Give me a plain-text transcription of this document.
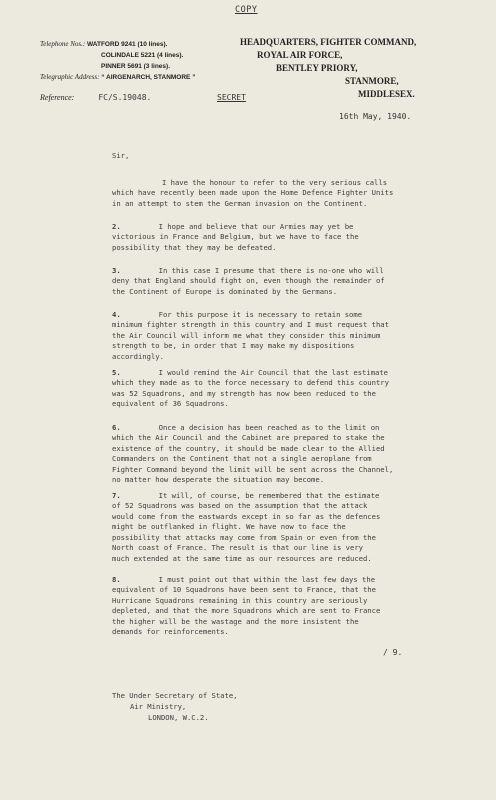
COPY
Telephone Nos.: WATFORD 9241 (10 lines).
COLINDALE 5221 (4 lines).
PINNER 5691 (3 lines).
Telegraphic Address: “ AIRGENARCH, STANMORE ”
HEADQUARTERS, FIGHTER COMMAND,
ROYAL AIR FORCE,
BENTLEY PRIORY,
STANMORE,
MIDDLESEX.
Reference:	FC/S.19048.	SECRET
16th May, 1940.
Sir,

I have the honour to refer to the very serious calls
which have recently been made upon the Home Defence Fighter Units
in an attempt to stem the German invasion on the Continent.

2.	I hope and believe that our Armies may yet be
victorious in France and Belgium, but we have to face the
possibility that they may be defeated.

3.	In this case I presume that there is no-one who will
deny that England should fight on, even though the remainder of
the Continent of Europe is dominated by the Germans.

4.	For this purpose it is necessary to retain some
minimum fighter strength in this country and I must request that
the Air Council will inform me what they consider this minimum
strength to be, in order that I may make my dispositions
accordingly.

5.	I would remind the Air Council that the last estimate
which they made as to the force necessary to defend this country
was 52 Squadrons, and my strength has now been reduced to the
equivalent of 36 Squadrons.

6.	Once a decision has been reached as to the limit on
which the Air Council and the Cabinet are prepared to stake the
existence of the country, it should be made clear to the Allied
Commanders on the Continent that not a single aeroplane from
Fighter Command beyond the limit will be sent across the Channel,
no matter how desperate the situation may become.

7.	It will, of course, be remembered that the estimate
of 52 Squadrons was based on the assumption that the attack
would come from the eastwards except in so far as the defences
might be outflanked in flight. We have now to face the
possibility that attacks may come from Spain or even from the
North coast of France. The result is that our line is very
much extended at the same time as our resources are reduced.

8.	I must point out that within the last few days the
equivalent of 10 Squadrons have been sent to France, that the
Hurricane Squadrons remaining in this country are seriously
depleted, and that the more Squadrons which are sent to France
the higher will be the wastage and the more insistent the
demands for reinforcements.

/ 9.
The Under Secretary of State,
Air Ministry,
LONDON, W.C.2.
